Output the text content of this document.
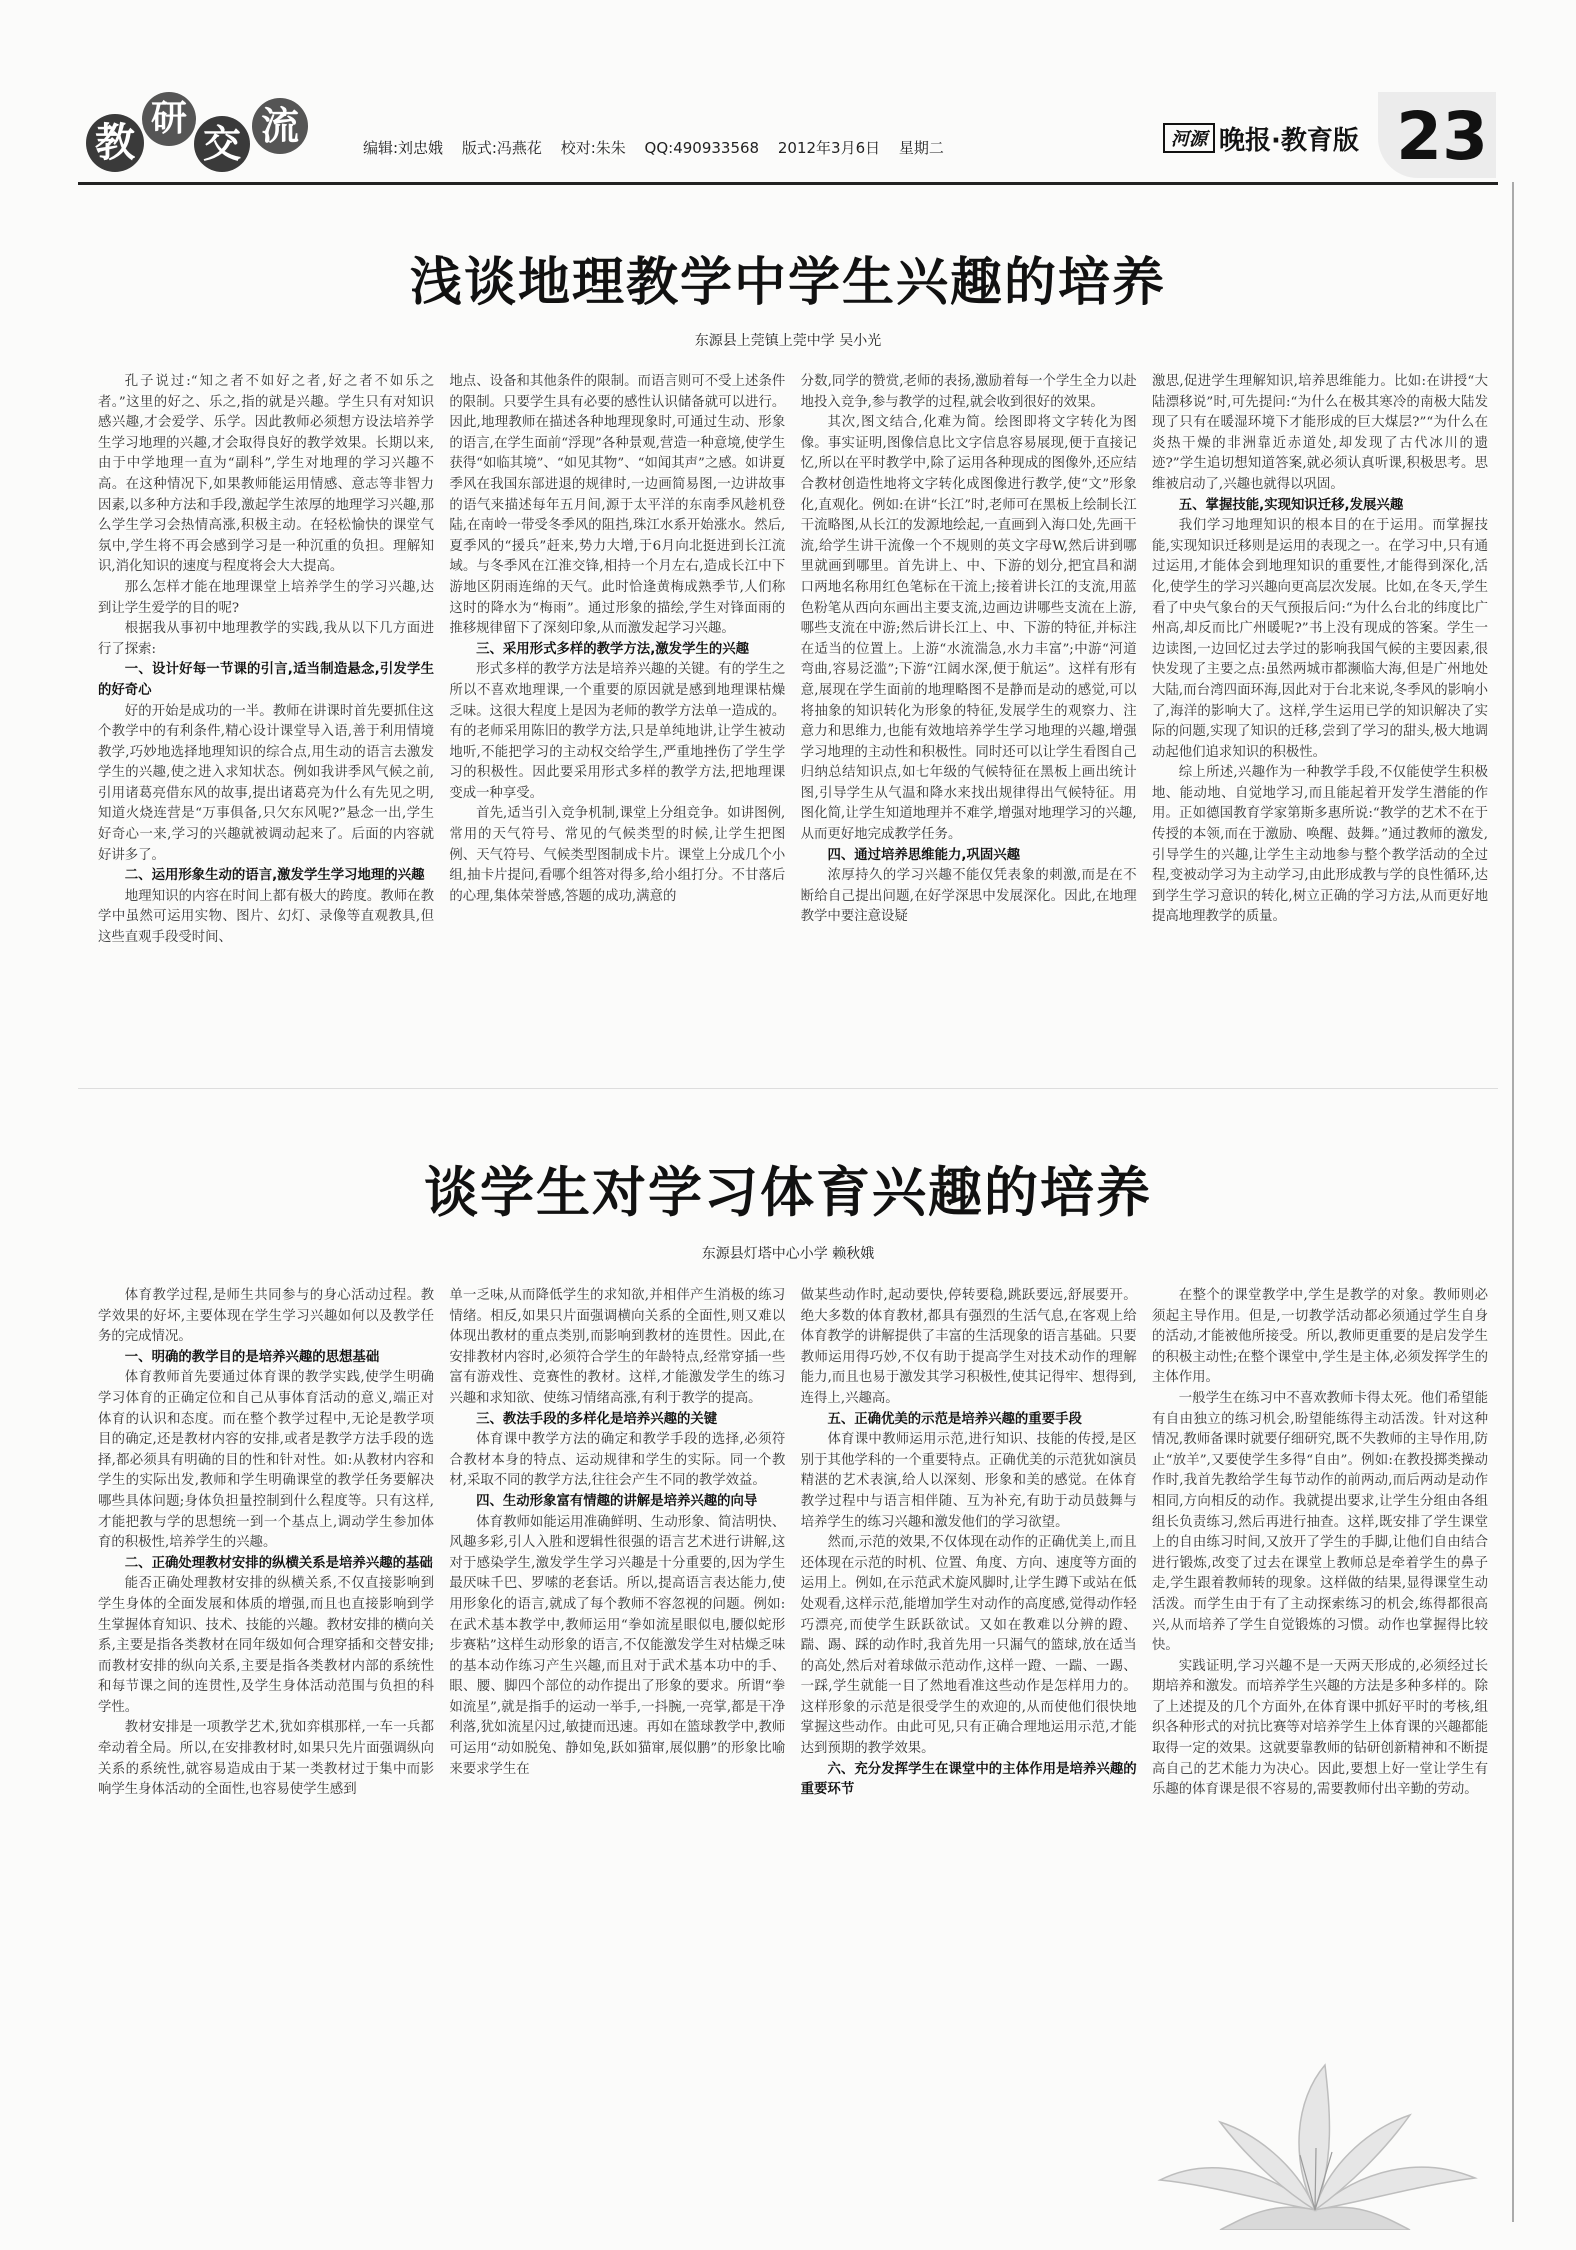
教
研
交 流	编辑:刘忠娥 版式:冯燕花 校对:朱朱 QQ:490933568 2012年3月6日 星期二	河源 晚报·教育版 23
浅谈地理教学中学生兴趣的培养
东源县上莞镇上莞中学 吴小光

孔子说过:“知之者不如好之者,好之者不如乐之者。”这里的好之、乐之,指的就是兴趣。学生只有对知识感兴趣,才会爱学、乐学。因此教师必须想方设法培养学生学习地理的兴趣,才会取得良好的教学效果。长期以来,由于中学地理一直为“副科”,学生对地理的学习兴趣不高。在这种情况下,如果教师能运用情感、意志等非智力因素,以多种方法和手段,激起学生浓厚的地理学习兴趣,那么学生学习会热情高涨,积极主动。在轻松愉快的课堂气氛中,学生将不再会感到学习是一种沉重的负担。理解知识,消化知识的速度与程度将会大大提高。

那么怎样才能在地理课堂上培养学生的学习兴趣,达到让学生爱学的目的呢?

根据我从事初中地理教学的实践,我从以下几方面进行了探索:

一、设计好每一节课的引言,适当制造悬念,引发学生的好奇心

好的开始是成功的一半。教师在讲课时首先要抓住这个教学中的有利条件,精心设计课堂导入语,善于利用情境教学,巧妙地选择地理知识的综合点,用生动的语言去激发学生的兴趣,使之进入求知状态。例如我讲季风气候之前,引用诸葛亮借东风的故事,提出诸葛亮为什么有先见之明,知道火烧连营是“万事俱备,只欠东风呢?”悬念一出,学生好奇心一来,学习的兴趣就被调动起来了。后面的内容就好讲多了。

二、运用形象生动的语言,激发学生学习地理的兴趣

地理知识的内容在时间上都有极大的跨度。教师在教学中虽然可运用实物、图片、幻灯、录像等直观教具,但这些直观手段受时间、

地点、设备和其他条件的限制。而语言则可不受上述条件的限制。只要学生具有必要的感性认识储备就可以进行。因此,地理教师在描述各种地理现象时,可通过生动、形象的语言,在学生面前“浮现”各种景观,营造一种意境,使学生获得“如临其境”、“如见其物”、“如闻其声”之感。如讲夏季风在我国东部进退的规律时,一边画简易图,一边讲故事的语气来描述每年五月间,源于太平洋的东南季风趁机登陆,在南岭一带受冬季风的阻挡,珠江水系开始涨水。然后,夏季风的“援兵”赶来,势力大增,于6月向北挺进到长江流域。与冬季风在江淮交锋,相持一个月左右,造成长江中下游地区阴雨连绵的天气。此时恰逢黄梅成熟季节,人们称这时的降水为“梅雨”。通过形象的描绘,学生对锋面雨的推移规律留下了深刻印象,从而激发起学习兴趣。

三、采用形式多样的教学方法,激发学生的兴趣

形式多样的教学方法是培养兴趣的关键。有的学生之所以不喜欢地理课,一个重要的原因就是感到地理课枯燥乏味。这很大程度上是因为老师的教学方法单一造成的。有的老师采用陈旧的教学方法,只是单纯地讲,让学生被动地听,不能把学习的主动权交给学生,严重地挫伤了学生学习的积极性。因此要采用形式多样的教学方法,把地理课变成一种享受。

首先,适当引入竞争机制,课堂上分组竞争。如讲图例,常用的天气符号、常见的气候类型的时候,让学生把图例、天气符号、气候类型图制成卡片。课堂上分成几个小组,抽卡片提问,看哪个组答对得多,给小组打分。不甘落后的心理,集体荣誉感,答题的成功,满意的

分数,同学的赞赏,老师的表扬,激励着每一个学生全力以赴地投入竞争,参与教学的过程,就会收到很好的效果。

其次,图文结合,化难为简。绘图即将文字转化为图像。事实证明,图像信息比文字信息容易展现,便于直接记忆,所以在平时教学中,除了运用各种现成的图像外,还应结合教材创造性地将文字转化成图像进行教学,使“文”形象化,直观化。例如:在讲“长江”时,老师可在黑板上绘制长江干流略图,从长江的发源地绘起,一直画到入海口处,先画干流,给学生讲干流像一个不规则的英文字母W,然后讲到哪里就画到哪里。首先讲上、中、下游的划分,把宜昌和湖口两地名称用红色笔标在干流上;接着讲长江的支流,用蓝色粉笔从西向东画出主要支流,边画边讲哪些支流在上游,哪些支流在中游;然后讲长江上、中、下游的特征,并标注在适当的位置上。上游“水流湍急,水力丰富”;中游“河道弯曲,容易泛滥”;下游“江阔水深,便于航运”。这样有形有意,展现在学生面前的地理略图不是静而是动的感觉,可以将抽象的知识转化为形象的特征,发展学生的观察力、注意力和思维力,也能有效地培养学生学习地理的兴趣,增强学习地理的主动性和积极性。同时还可以让学生看图自己归纳总结知识点,如七年级的气候特征在黑板上画出统计图,引导学生从气温和降水来找出规律得出气候特征。用图化简,让学生知道地理并不难学,增强对地理学习的兴趣,从而更好地完成教学任务。

四、通过培养思维能力,巩固兴趣

浓厚持久的学习兴趣不能仅凭表象的刺激,而是在不断给自己提出问题,在好学深思中发展深化。因此,在地理教学中要注意设疑

激思,促进学生理解知识,培养思维能力。比如:在讲授“大陆漂移说”时,可先提问:“为什么在极其寒冷的南极大陆发现了只有在暖湿环境下才能形成的巨大煤层?”“为什么在炎热干燥的非洲靠近赤道处,却发现了古代冰川的遗迹?”学生追切想知道答案,就必须认真听课,积极思考。思维被启动了,兴趣也就得以巩固。

五、掌握技能,实现知识迁移,发展兴趣

我们学习地理知识的根本目的在于运用。而掌握技能,实现知识迁移则是运用的表现之一。在学习中,只有通过运用,才能体会到地理知识的重要性,才能得到深化,活化,使学生的学习兴趣向更高层次发展。比如,在冬天,学生看了中央气象台的天气预报后问:“为什么台北的纬度比广州高,却反而比广州暖呢?”书上没有现成的答案。学生一边读图,一边回忆过去学过的影响我国气候的主要因素,很快发现了主要之点:虽然两城市都濒临大海,但是广州地处大陆,而台湾四面环海,因此对于台北来说,冬季风的影响小了,海洋的影响大了。这样,学生运用已学的知识解决了实际的问题,实现了知识的迁移,尝到了学习的甜头,极大地调动起他们追求知识的积极性。

综上所述,兴趣作为一种教学手段,不仅能使学生积极地、能动地、自觉地学习,而且能起着开发学生潜能的作用。正如德国教育学家第斯多惠所说:“教学的艺术不在于传授的本领,而在于激励、唤醒、鼓舞。”通过教师的激发,引导学生的兴趣,让学生主动地参与整个教学活动的全过程,变被动学习为主动学习,由此形成教与学的良性循环,达到学生学习意识的转化,树立正确的学习方法,从而更好地提高地理教学的质量。

谈学生对学习体育兴趣的培养
东源县灯塔中心小学 赖秋娥

体育教学过程,是师生共同参与的身心活动过程。教学效果的好坏,主要体现在学生学习兴趣如何以及教学任务的完成情况。

一、明确的教学目的是培养兴趣的思想基础

体育教师首先要通过体育课的教学实践,使学生明确学习体育的正确定位和自己从事体育活动的意义,端正对体育的认识和态度。而在整个教学过程中,无论是教学项目的确定,还是教材内容的安排,或者是教学方法手段的选择,都必须具有明确的目的性和针对性。如:从教材内容和学生的实际出发,教师和学生明确课堂的教学任务要解决哪些具体问题;身体负担量控制到什么程度等。只有这样,才能把教与学的思想统一到一个基点上,调动学生参加体育的积极性,培养学生的兴趣。

二、正确处理教材安排的纵横关系是培养兴趣的基础

能否正确处理教材安排的纵横关系,不仅直接影响到学生身体的全面发展和体质的增强,而且也直接影响到学生掌握体育知识、技术、技能的兴趣。教材安排的横向关系,主要是指各类教材在同年级如何合理穿插和交替安排;而教材安排的纵向关系,主要是指各类教材内部的系统性和每节课之间的连贯性,及学生身体活动范围与负担的科学性。

教材安排是一项教学艺术,犹如弈棋那样,一车一兵都牵动着全局。所以,在安排教材时,如果只先片面强调纵向关系的系统性,就容易造成由于某一类教材过于集中而影响学生身体活动的全面性,也容易使学生感到

单一乏味,从而降低学生的求知欲,并相伴产生消极的练习情绪。相反,如果只片面强调横向关系的全面性,则又难以体现出教材的重点类别,而影响到教材的连贯性。因此,在安排教材内容时,必须符合学生的年龄特点,经常穿插一些富有游戏性、竞赛性的教材。这样,才能激发学生的练习兴趣和求知欲、使练习情绪高涨,有利于教学的提高。

三、教法手段的多样化是培养兴趣的关键

体育课中教学方法的确定和教学手段的选择,必须符合教材本身的特点、运动规律和学生的实际。同一个教材,采取不同的教学方法,往往会产生不同的教学效益。

四、生动形象富有情趣的讲解是培养兴趣的向导

体育教师如能运用准确鲜明、生动形象、简洁明快、风趣多彩,引人入胜和逻辑性很强的语言艺术进行讲解,这对于感染学生,激发学生学习兴趣是十分重要的,因为学生最厌味千巴、罗嗦的老套话。所以,提高语言表达能力,使用形象化的语言,就成了每个教师不容忽视的问题。例如:在武术基本教学中,教师运用“拳如流星眼似电,腰似蛇形步赛粘”这样生动形象的语言,不仅能激发学生对枯燥乏味的基本动作练习产生兴趣,而且对于武术基本功中的手、眼、腰、脚四个部位的动作提出了形象的要求。所谓“拳如流星”,就是指手的运动一举手,一抖腕,一亮掌,都是干净利落,犹如流星闪过,敏捷而迅速。再如在篮球教学中,教师可运用“动如脱兔、静如兔,跃如猫窜,展似鹏”的形象比喻来要求学生在

做某些动作时,起动要快,停转要稳,跳跃要远,舒展要开。绝大多数的体育教材,都具有强烈的生活气息,在客观上给体育教学的讲解提供了丰富的生活现象的语言基础。只要教师运用得巧妙,不仅有助于提高学生对技术动作的理解能力,而且也易于激发其学习积极性,使其记得牢、想得到,连得上,兴趣高。

五、正确优美的示范是培养兴趣的重要手段

体育课中教师运用示范,进行知识、技能的传授,是区别于其他学科的一个重要特点。正确优美的示范犹如演员精湛的艺术表演,给人以深刻、形象和美的感觉。在体育教学过程中与语言相伴随、互为补充,有助于动员鼓舞与培养学生的练习兴趣和激发他们的学习欲望。

然而,示范的效果,不仅体现在动作的正确优美上,而且还体现在示范的时机、位置、角度、方向、速度等方面的运用上。例如,在示范武术旋风脚时,让学生蹲下或站在低处观看,这样示范,能增加学生对动作的高度感,觉得动作轻巧漂亮,而使学生跃跃欲试。又如在教难以分辨的蹬、踹、踢、踩的动作时,我首先用一只漏气的篮球,放在适当的高处,然后对着球做示范动作,这样一蹬、一踹、一踢、一踩,学生就能一目了然地看准这些动作是怎样用力的。这样形象的示范是很受学生的欢迎的,从而使他们很快地掌握这些动作。由此可见,只有正确合理地运用示范,才能达到预期的教学效果。

六、充分发挥学生在课堂中的主体作用是培养兴趣的重要环节

在整个的课堂教学中,学生是教学的对象。教师则必须起主导作用。但是,一切教学活动都必须通过学生自身的活动,才能被他所接受。所以,教师更重要的是启发学生的积极主动性;在整个课堂中,学生是主体,必须发挥学生的主体作用。

一般学生在练习中不喜欢教师卡得太死。他们希望能有自由独立的练习机会,盼望能练得主动活泼。针对这种情况,教师备课时就要仔细研究,既不失教师的主导作用,防止“放羊”,又要使学生多得“自由”。例如:在教投掷类操动作时,我首先教给学生每节动作的前两动,而后两动是动作相同,方向相反的动作。我就提出要求,让学生分组由各组组长负责练习,然后再进行抽查。这样,既安排了学生课堂上的自由练习时间,又放开了学生的手脚,让他们自由结合进行锻炼,改变了过去在课堂上教师总是牵着学生的鼻子走,学生跟着教师转的现象。这样做的结果,显得课堂生动活泼。而学生由于有了主动探索练习的机会,练得都很高兴,从而培养了学生自觉锻炼的习惯。动作也掌握得比较快。

实践证明,学习兴趣不是一天两天形成的,必须经过长期培养和激发。而培养学生兴趣的方法是多种多样的。除了上述提及的几个方面外,在体育课中抓好平时的考核,组织各种形式的对抗比赛等对培养学生上体育课的兴趣都能取得一定的效果。这就要靠教师的钻研创新精神和不断提高自己的艺术能力为决心。因此,要想上好一堂让学生有乐趣的体育课是很不容易的,需要教师付出辛勤的劳动。
